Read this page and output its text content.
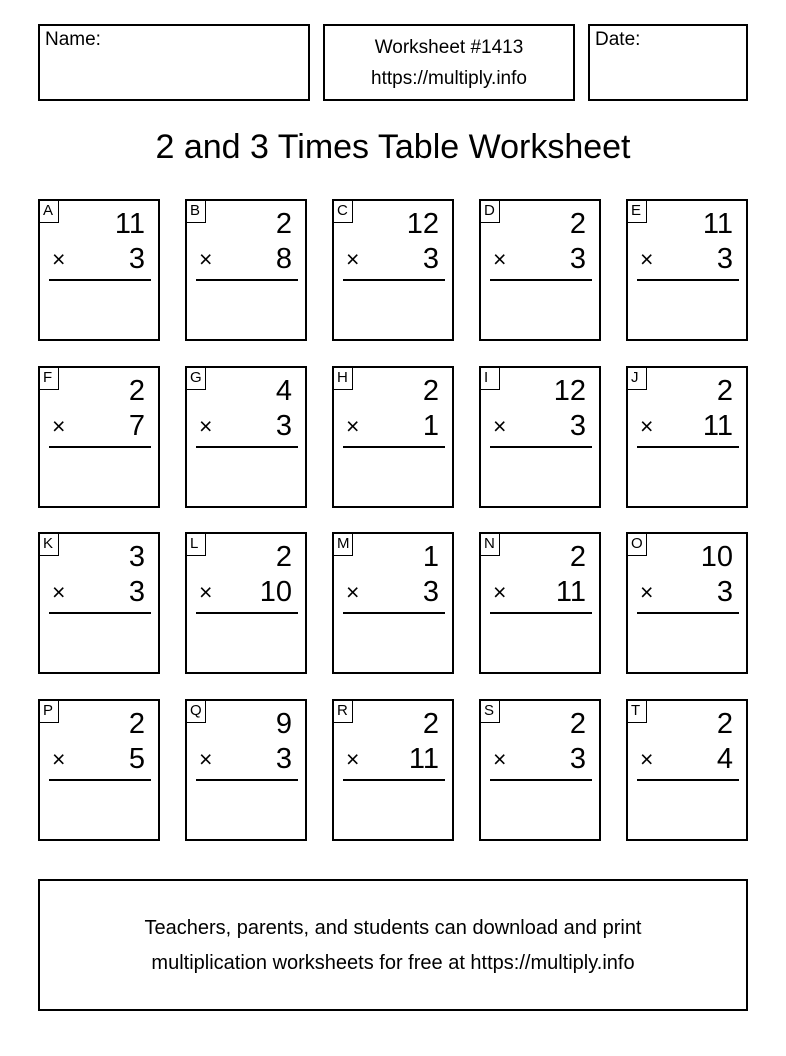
Name:	Worksheet #1413
https://multiply.info
Date:
2 and 3 Times Table Worksheet
A 11
× 3
B	2
× 8
C 12
× 3
D	2
× 3
E 11
× 3
F	2
× 7
G	4
× 3
H	2
× 1
I	12
× 3
J	2
× 11
K	3
× 3
L	2
× 10
M	1
× 3
N	2
× 11
O 10
× 3
P	2
× 5
Q	9
× 3
R	2
× 11
S	2
× 3
T	2
× 4
Teachers, parents, and students can download and print
multiplication worksheets for free at https://multiply.info
